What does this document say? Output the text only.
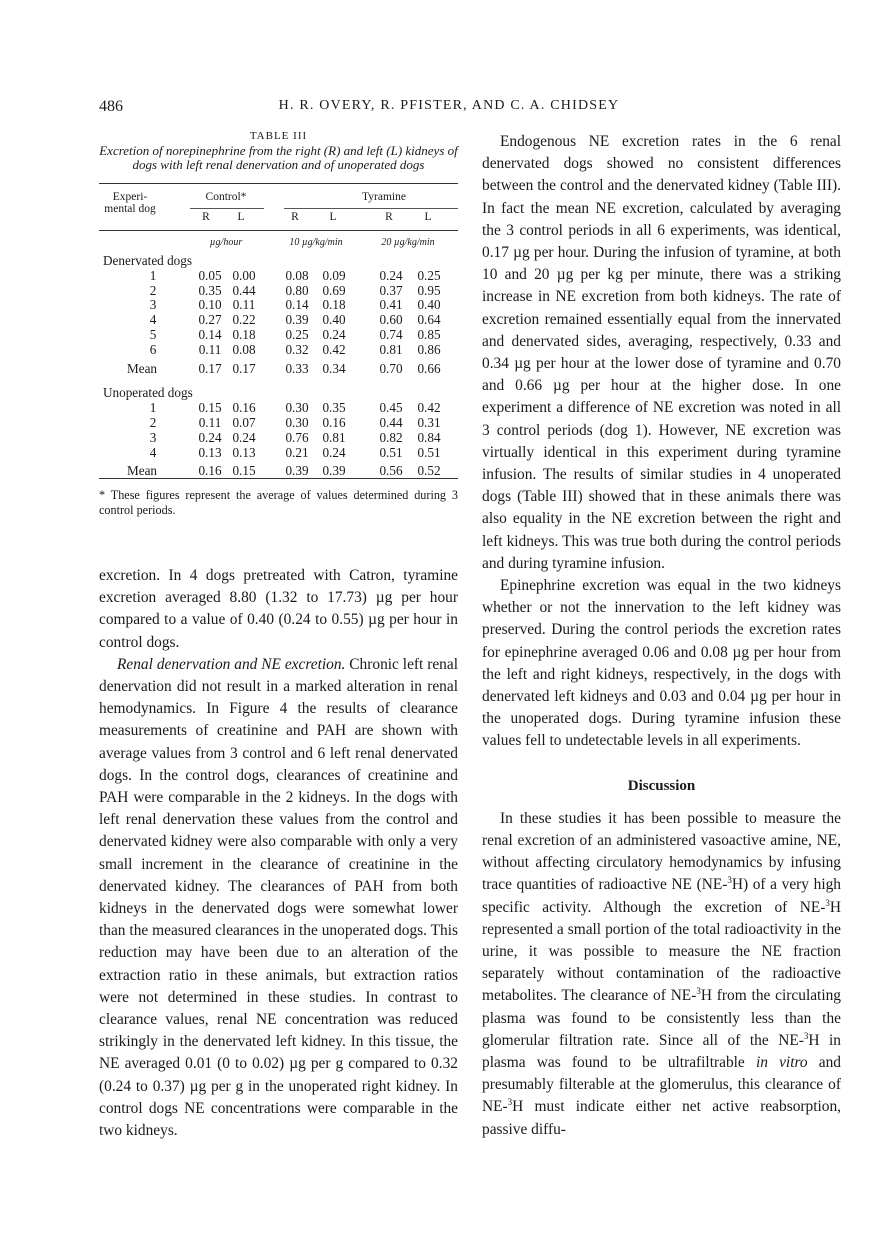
486	H. R. OVERY, R. PFISTER, AND C. A. CHIDSEY
TABLE III
Excretion of norepinephrine from the right (R) and left (L) kidneys of dogs with left renal denervation and of unoperated dogs
Experi- mental dog
Control*	Tyramine
R	L	R	L	R	L
µg/hour	10 µg/kg/min	20 µg/kg/min
Denervated dogs
1	0.05 0.00	0.08	0.09	0.24	0.25
2	0.35 0.44	0.80	0.69	0.37	0.95
3	0.10 0.11	0.14	0.18	0.41	0.40
4	0.27 0.22	0.39	0.40	0.60	0.64
5	0.14 0.18	0.25	0.24	0.74	0.85
6	0.11 0.08	0.32	0.42	0.81	0.86
Mean	0.17 0.17	0.33	0.34	0.70	0.66
Unoperated dogs
1	0.15 0.16	0.30	0.35	0.45	0.42
2	0.11 0.07	0.30	0.16	0.44	0.31
3	0.24 0.24	0.76	0.81	0.82	0.84
4	0.13 0.13	0.21	0.24	0.51	0.51
Mean	0.16 0.15	0.39	0.39	0.56	0.52
* These figures represent the average of values determined during 3 control periods.

excretion. In 4 dogs pretreated with Catron, tyramine excretion averaged 8.80 (1.32 to 17.73) µg per hour compared to a value of 0.40 (0.24 to 0.55) µg per hour in control dogs.

Renal denervation and NE excretion. Chronic left renal denervation did not result in a marked alteration in renal hemodynamics. In Figure 4 the results of clearance measurements of creatinine and PAH are shown with average values from 3 control and 6 left renal denervated dogs. In the control dogs, clearances of creatinine and PAH were comparable in the 2 kidneys. In the dogs with left renal denervation these values from the control and denervated kidney were also comparable with only a very small increment in the clearance of creatinine in the denervated kidney. The clearances of PAH from both kidneys in the denervated dogs were somewhat lower than the measured clearances in the unoperated dogs. This reduction may have been due to an alteration of the extraction ratio in these animals, but extraction ratios were not determined in these studies. In contrast to clearance values, renal NE concentration was reduced strikingly in the denervated left kidney. In this tissue, the NE averaged 0.01 (0 to 0.02) µg per g compared to 0.32 (0.24 to 0.37) µg per g in the unoperated right kidney. In control dogs NE concentrations were comparable in the two kidneys.

Endogenous NE excretion rates in the 6 renal denervated dogs showed no consistent differences between the control and the denervated kidney (Table III). In fact the mean NE excretion, calculated by averaging the 3 control periods in all 6 experiments, was identical, 0.17 µg per hour. During the infusion of tyramine, at both 10 and 20 µg per kg per minute, there was a striking increase in NE excretion from both kidneys. The rate of excretion remained essentially equal from the innervated and denervated sides, averaging, respectively, 0.33 and 0.34 µg per hour at the lower dose of tyramine and 0.70 and 0.66 µg per hour at the higher dose. In one experiment a difference of NE excretion was noted in all 3 control periods (dog 1). However, NE excretion was virtually identical in this experiment during tyramine infusion. The results of similar studies in 4 unoperated dogs (Table III) showed that in these animals there was also equality in the NE excretion between the right and left kidneys. This was true both during the control periods and during tyramine infusion.

Epinephrine excretion was equal in the two kidneys whether or not the innervation to the left kidney was preserved. During the control periods the excretion rates for epinephrine averaged 0.06 and 0.08 µg per hour from the left and right kidneys, respectively, in the dogs with denervated left kidneys and 0.03 and 0.04 µg per hour in the unoperated dogs. During tyramine infusion these values fell to undetectable levels in all experiments.

Discussion

In these studies it has been possible to measure the renal excretion of an administered vasoactive amine, NE, without affecting circulatory hemodynamics by infusing trace quantities of radioactive NE (NE-$^3$H) of a very high specific activity. Although the excretion of NE-$^3$H represented a small portion of the total radioactivity in the urine, it was possible to measure the NE fraction separately without contamination of the radioactive metabolites. The clearance of NE-$^3$H from the circulating plasma was found to be consistently less than the glomerular filtration rate. Since all of the NE-$^3$H in plasma was found to be ultrafiltrable in vitro and presumably filterable at the glomerulus, this clearance of NE-$^3$H must indicate either net active reabsorption, passive diffu-
